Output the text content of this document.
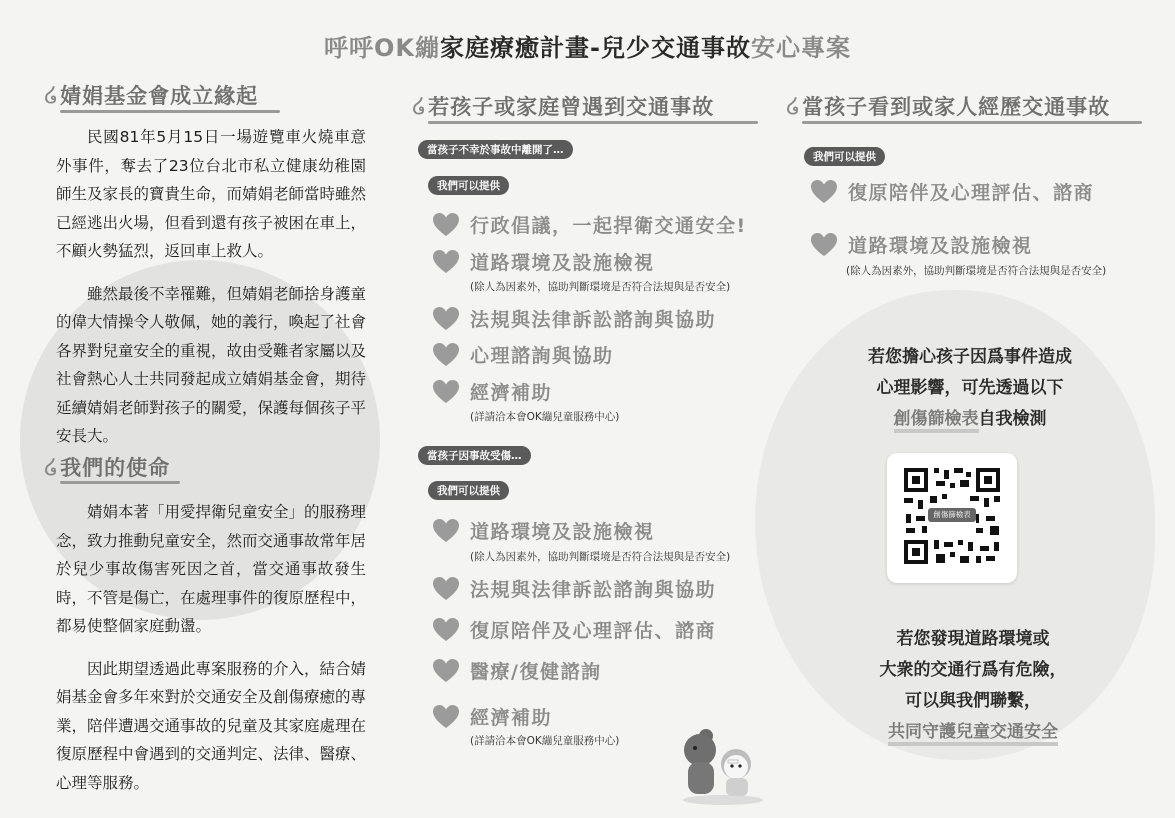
呼呼OK繃家庭療癒計畫-兒少交通事故安心專案
໒ 婧娟基金會成立緣起

民國81年5月15日一場遊覽車火燒車意外事件，奪去了23位台北市私立健康幼稚園師生及家長的寶貴生命，而婧娟老師當時雖然已經逃出火場，但看到還有孩子被困在車上，不顧火勢猛烈，返回車上救人。

雖然最後不幸罹難，但婧娟老師捨身護童的偉大情操令人敬佩，她的義行，喚起了社會各界對兒童安全的重視，故由受難者家屬以及社會熱心人士共同發起成立婧娟基金會，期待延續婧娟老師對孩子的關愛，保護每個孩子平安長大。

໒ 我們的使命

婧娟本著「用愛捍衛兒童安全」的服務理念，致力推動兒童安全，然而交通事故常年居於兒少事故傷害死因之首，當交通事故發生時，不管是傷亡，在處理事件的復原歷程中，都易使整個家庭動盪。

因此期望透過此專案服務的介入，結合婧娟基金會多年來對於交通安全及創傷療癒的專業，陪伴遭遇交通事故的兒童及其家庭處理在復原歷程中會遇到的交通判定、法律、醫療、心理等服務。

໒ 若孩子或家庭曾遇到交通事故
當孩子不幸於事故中離開了…
我們可以提供
行政倡議，一起捍衛交通安全!
道路環境及設施檢視
(除人為因素外，協助判斷環境是否符合法規與是否安全)
法規與法律訴訟諮詢與協助
心理諮詢與協助
經濟補助
(詳請洽本會OK繃兒童服務中心)
當孩子因事故受傷…
我們可以提供
道路環境及設施檢視
(除人為因素外，協助判斷環境是否符合法規與是否安全)
法規與法律訴訟諮詢與協助
復原陪伴及心理評估、諮商
醫療/復健諮詢
經濟補助
(詳請洽本會OK繃兒童服務中心)
໒ 當孩子看到或家人經歷交通事故
我們可以提供
復原陪伴及心理評估、諮商
道路環境及設施檢視
(除人為因素外，協助判斷環境是否符合法規與是否安全)
若您擔心孩子因爲事件造成
心理影響，可先透過以下
創傷篩檢表自我檢測
創傷篩檢表
若您發現道路環境或
大衆的交通行爲有危險，
可以與我們聯繫，
共同守護兒童交通安全
